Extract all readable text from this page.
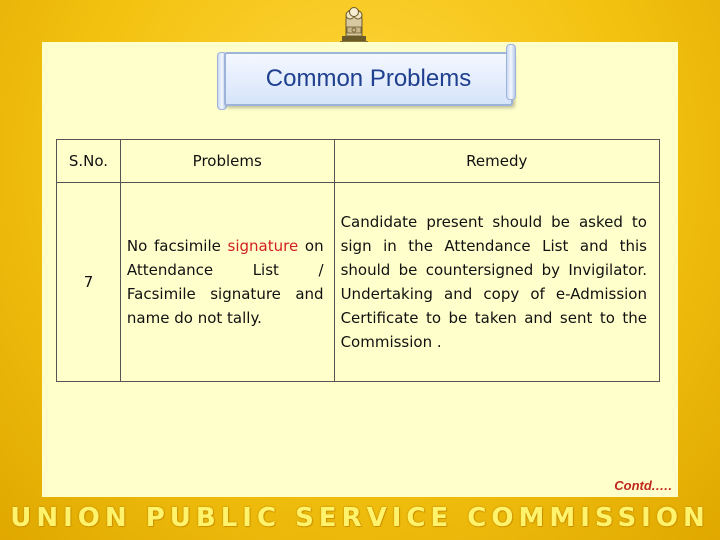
Common Problems
S.No.	Problems	Remedy
7	No facsimile signature on Attendance List / Facsimile signature and name do not tally.	Candidate present should be asked to sign in the Attendance List and this should be countersigned by Invigilator. Undertaking and copy of e-Admission Certificate to be taken and sent to the Commission .
Contd.….
UNION PUBLIC SERVICE COMMISSION
